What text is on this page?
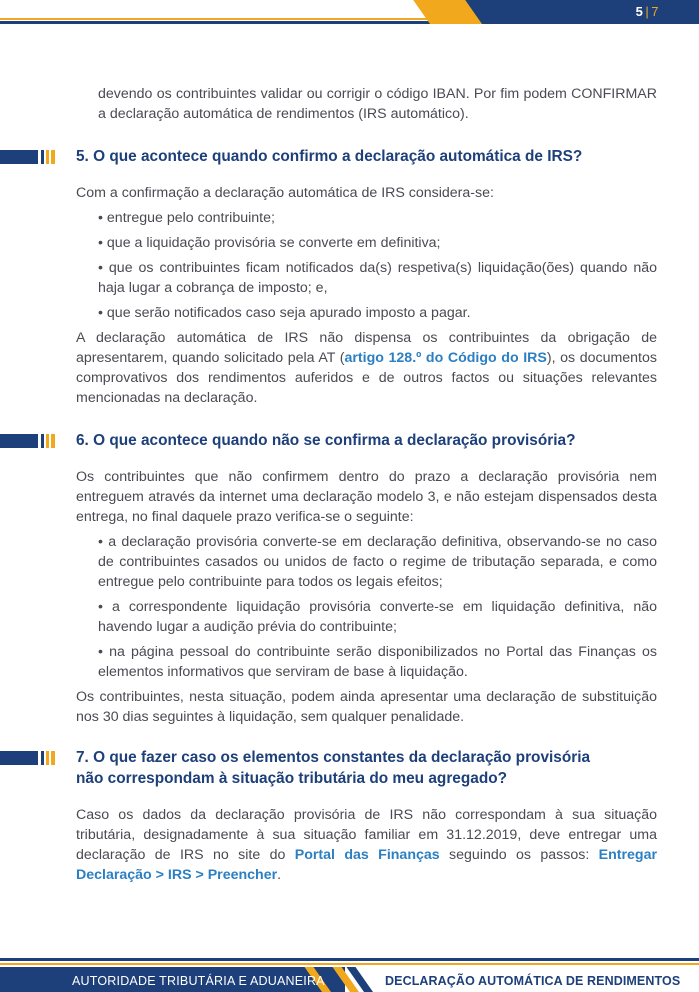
5 | 7

devendo os contribuintes validar ou corrigir o código IBAN. Por fim podem CONFIRMAR a declaração automática de rendimentos (IRS automático).

5. O que acontece quando confirmo a declaração automática de IRS?

Com a confirmação a declaração automática de IRS considera-se:

• entregue pelo contribuinte;
• que a liquidação provisória se converte em definitiva;
• que os contribuintes ficam notificados da(s) respetiva(s) liquidação(ões) quando não haja lugar a cobrança de imposto; e,
• que serão notificados caso seja apurado imposto a pagar.

A declaração automática de IRS não dispensa os contribuintes da obrigação de apresentarem, quando solicitado pela AT (artigo 128.º do Código do IRS), os documentos comprovativos dos rendimentos auferidos e de outros factos ou situações relevantes mencionadas na declaração.

6. O que acontece quando não se confirma a declaração provisória?

Os contribuintes que não confirmem dentro do prazo a declaração provisória nem entreguem através da internet uma declaração modelo 3, e não estejam dispensados desta entrega, no final daquele prazo verifica-se o seguinte:

• a declaração provisória converte-se em declaração definitiva, observando-se no caso de contribuintes casados ou unidos de facto o regime de tributação separada, e como entregue pelo contribuinte para todos os legais efeitos;
• a correspondente liquidação provisória converte-se em liquidação definitiva, não havendo lugar a audição prévia do contribuinte;
• na página pessoal do contribuinte serão disponibilizados no Portal das Finanças os elementos informativos que serviram de base à liquidação.

Os contribuintes, nesta situação, podem ainda apresentar uma declaração de substituição nos 30 dias seguintes à liquidação, sem qualquer penalidade.

7. O que fazer caso os elementos constantes da declaração provisória
não correspondam à situação tributária do meu agregado?

Caso os dados da declaração provisória de IRS não correspondam à sua situação tributária, designadamente à sua situação familiar em 31.12.2019, deve entregar uma declaração de IRS no site do Portal das Finanças seguindo os passos: Entregar Declaração > IRS > Preencher.

AUTORIDADE TRIBUTÁRIA E ADUANEIRA	DECLARAÇÃO AUTOMÁTICA DE RENDIMENTOS
